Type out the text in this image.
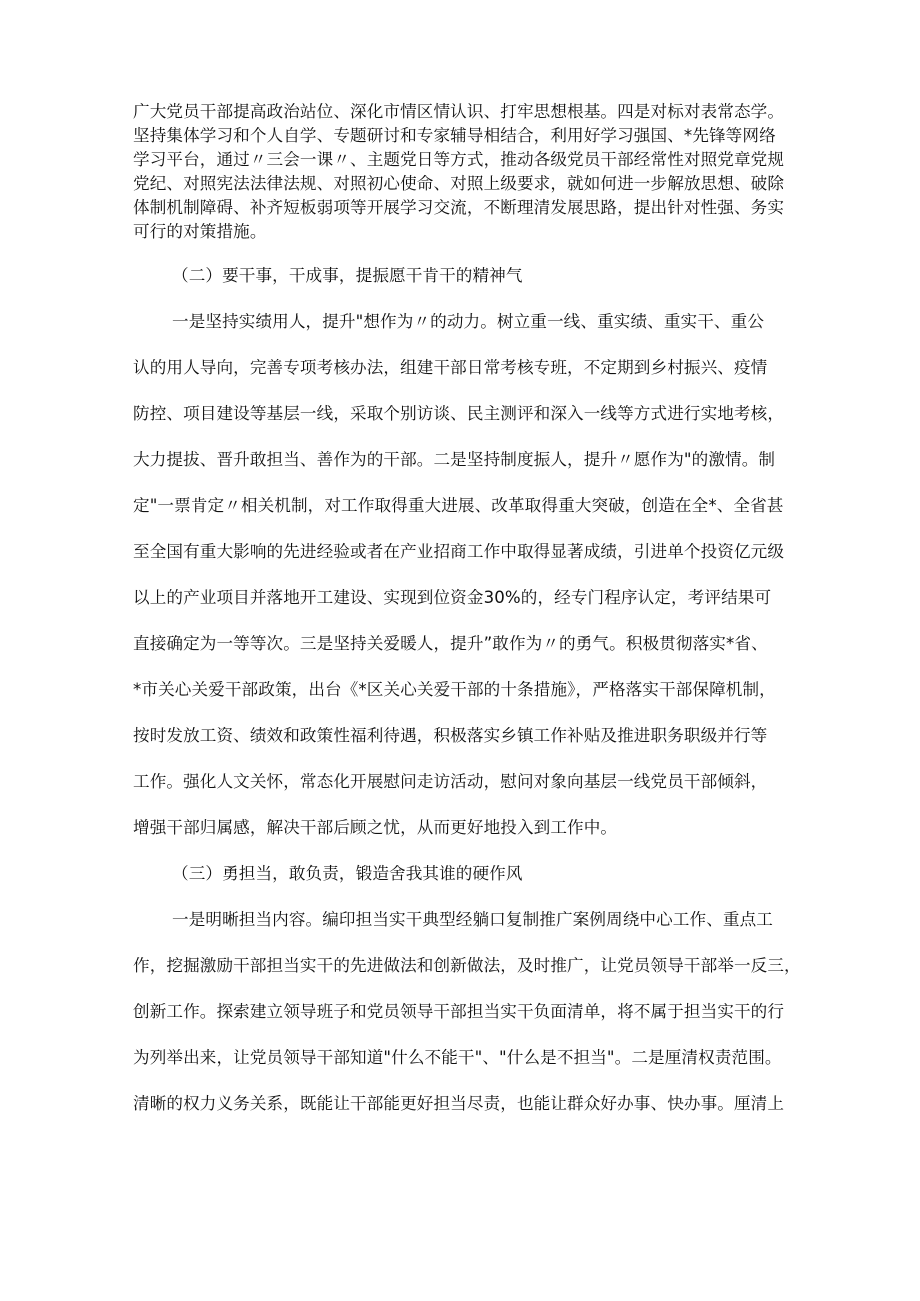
广大党员干部提高政治站位、深化市情区情认识、打牢思想根基。四是对标对表常态学。
坚持集体学习和个人自学、专题研讨和专家辅导相结合，利用好学习强国、*先锋等网络
学习平台，通过〃三会一课〃、主题党日等方式，推动各级党员干部经常性对照党章党规
党纪、对照宪法法律法规、对照初心使命、对照上级要求，就如何进一步解放思想、破除
体制机制障碍、补齐短板弱项等开展学习交流，不断理清发展思路，提出针对性强、务实
可行的对策措施。
（二）要干事，干成事，提振愿干肯干的精神气
一是坚持实绩用人，提升"想作为〃的动力。树立重一线、重实绩、重实干、重公
认的用人导向，完善专项考核办法，组建干部日常考核专班，不定期到乡村振兴、疫情
防控、项目建设等基层一线，采取个别访谈、民主测评和深入一线等方式进行实地考核，
大力提拔、晋升敢担当、善作为的干部。二是坚持制度振人，提升〃愿作为"的激情。制
定"一票肯定〃相关机制，对工作取得重大进展、改革取得重大突破，创造在全*、全省甚
至全国有重大影响的先进经验或者在产业招商工作中取得显著成绩，引进单个投资亿元级
以上的产业项目并落地开工建设、实现到位资金30%的，经专门程序认定，考评结果可
直接确定为一等等次。三是坚持关爱暖人，提升”敢作为〃的勇气。积极贯彻落实*省、
*市关心关爱干部政策，出台《*区关心关爱干部的十条措施》，严格落实干部保障机制，
按时发放工资、绩效和政策性福利待遇，积极落实乡镇工作补贴及推进职务职级并行等
工作。强化人文关怀，常态化开展慰问走访活动，慰问对象向基层一线党员干部倾斜，
增强干部归属感，解决干部后顾之忧，从而更好地投入到工作中。
（三）勇担当，敢负责，锻造舍我其谁的硬作风
一是明晰担当内容。编印担当实干典型经躺口复制推广案例周绕中心工作、重点工
作，挖掘激励干部担当实干的先进做法和创新做法，及时推广，让党员领导干部举一反三，
创新工作。探索建立领导班子和党员领导干部担当实干负面清单，将不属于担当实干的行
为列举出来，让党员领导干部知道"什么不能干"、"什么是不担当"。二是厘清权责范围。
清晰的权力义务关系，既能让干部能更好担当尽责，也能让群众好办事、快办事。厘清上
